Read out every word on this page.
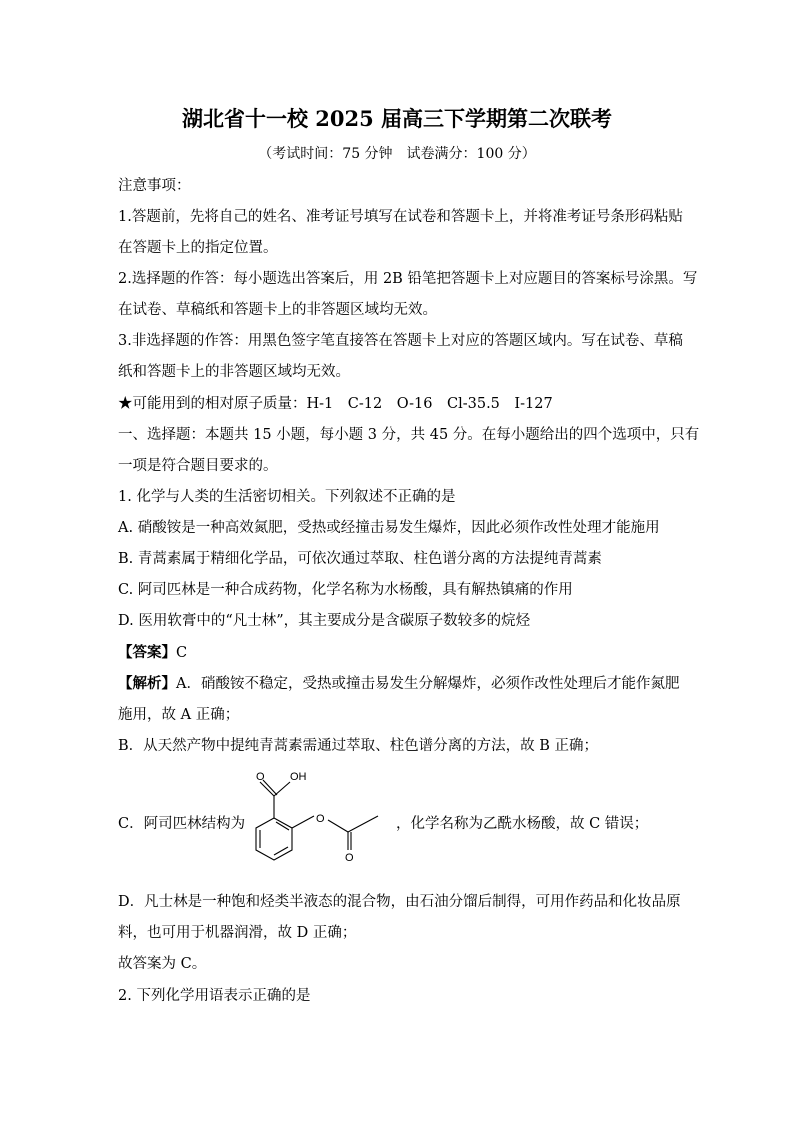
湖北省十一校 2025 届高三下学期第二次联考
（考试时间：75 分钟　试卷满分：100 分）
注意事项：
1.答题前，先将自己的姓名、准考证号填写在试卷和答题卡上，并将准考证号条形码粘贴
在答题卡上的指定位置。
2.选择题的作答：每小题选出答案后，用 2B 铅笔把答题卡上对应题目的答案标号涂黑。写
在试卷、草稿纸和答题卡上的非答题区域均无效。
3.非选择题的作答：用黑色签字笔直接答在答题卡上对应的答题区域内。写在试卷、草稿
纸和答题卡上的非答题区域均无效。
★可能用到的相对原子质量：H-1　C-12　O-16　Cl-35.5　I-127
一、选择题：本题共 15 小题，每小题 3 分，共 45 分。在每小题给出的四个选项中，只有
一项是符合题目要求的。
1. 化学与人类的生活密切相关。下列叙述不正确的是
A. 硝酸铵是一种高效氮肥，受热或经撞击易发生爆炸，因此必须作改性处理才能施用
B. 青蒿素属于精细化学品，可依次通过萃取、柱色谱分离的方法提纯青蒿素
C. 阿司匹林是一种合成药物，化学名称为水杨酸，具有解热镇痛的作用
D. 医用软膏中的“凡士林”，其主要成分是含碳原子数较多的烷烃
【答案】C
【解析】A．硝酸铵不稳定，受热或撞击易发生分解爆炸，必须作改性处理后才能作氮肥
施用，故 A 正确；
B．从天然产物中提纯青蒿素需通过萃取、柱色谱分离的方法，故 B 正确；
C．阿司匹林结构为
OH
O
O
O
，化学名称为乙酰水杨酸，故 C 错误；
D．凡士林是一种饱和烃类半液态的混合物，由石油分馏后制得，可用作药品和化妆品原
料，也可用于机器润滑，故 D 正确；
故答案为 C。
2. 下列化学用语表示正确的是
